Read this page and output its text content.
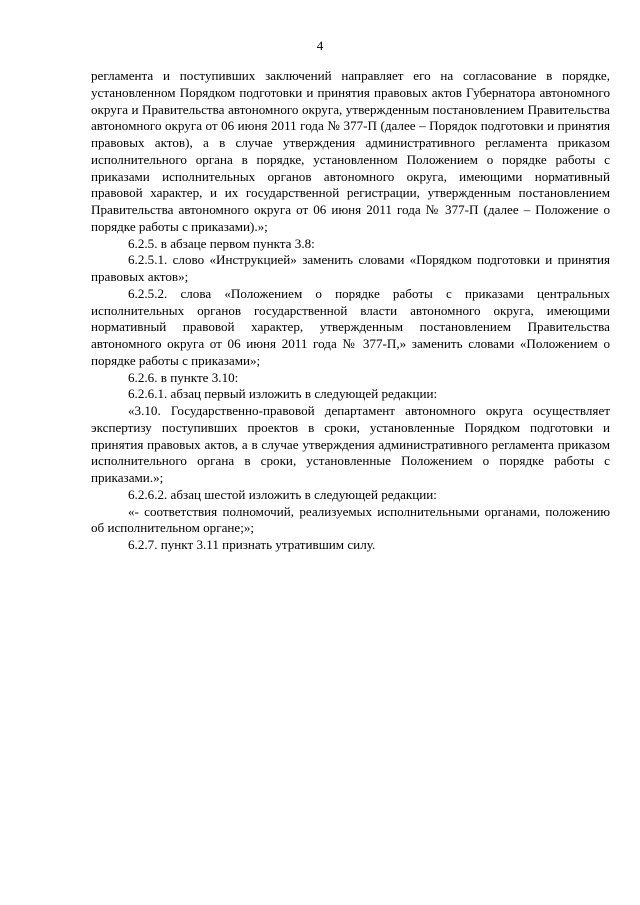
4

регламента и поступивших заключений направляет его на согласование в порядке, установленном Порядком подготовки и принятия правовых актов Губернатора автономного округа и Правительства автономного округа, утвержденным постановлением Правительства автономного округа от 06 июня 2011 года № 377-П (далее – Порядок подготовки и принятия правовых актов), а в случае утверждения административного регламента приказом исполнительного органа в порядке, установленном Положением о порядке работы с приказами исполнительных органов автономного округа, имеющими нормативный правовой характер, и их государственной регистрации, утвержденным постановлением Правительства автономного округа от 06 июня 2011 года № 377-П (далее – Положение о порядке работы с приказами).»;

6.2.5. в абзаце первом пункта 3.8:

6.2.5.1. слово «Инструкцией» заменить словами «Порядком подготовки и принятия правовых актов»;

6.2.5.2. слова «Положением о порядке работы с приказами центральных исполнительных органов государственной власти автономного округа, имеющими нормативный правовой характер, утвержденным постановлением Правительства автономного округа от 06 июня 2011 года № 377-П,» заменить словами «Положением о порядке работы с приказами»;

6.2.6. в пункте 3.10:

6.2.6.1. абзац первый изложить в следующей редакции:

«3.10. Государственно-правовой департамент автономного округа осуществляет экспертизу поступивших проектов в сроки, установленные Порядком подготовки и принятия правовых актов, а в случае утверждения административного регламента приказом исполнительного органа в сроки, установленные Положением о порядке работы с приказами.»;

6.2.6.2. абзац шестой изложить в следующей редакции:

«- соответствия полномочий, реализуемых исполнительными органами, положению об исполнительном органе;»;

6.2.7. пункт 3.11 признать утратившим силу.
